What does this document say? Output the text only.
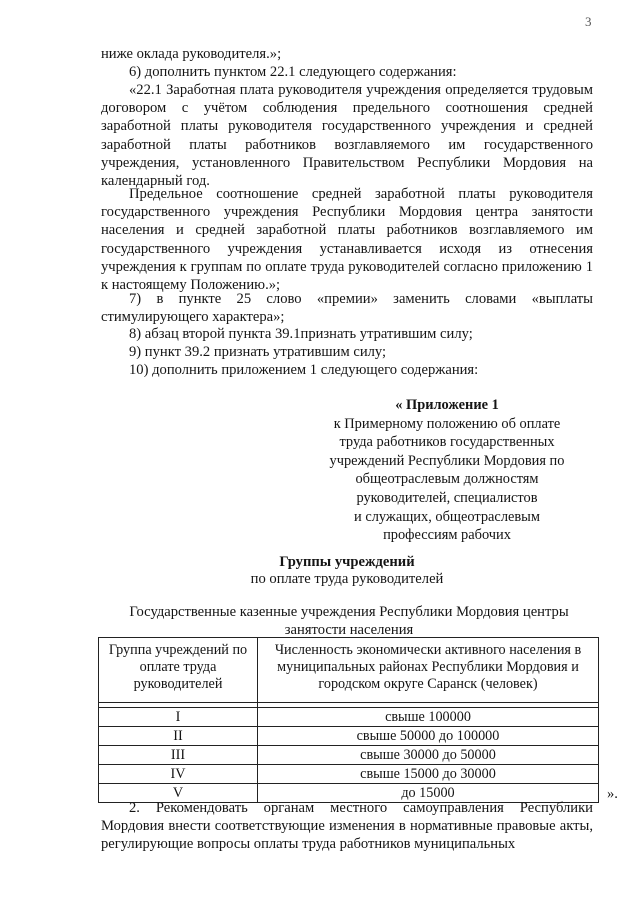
3

ниже оклада руководителя.»;

6) дополнить пунктом 22.1 следующего содержания:

«22.1 Заработная плата руководителя учреждения определяется трудовым договором с учётом соблюдения предельного соотношения средней заработной платы руководителя государственного учреждения и средней заработной платы работников возглавляемого им государственного учреждения, установленного Правительством Республики Мордовия на календарный год.

Предельное соотношение средней заработной платы руководителя государственного учреждения Республики Мордовия центра занятости населения и средней заработной платы работников возглавляемого им государственного учреждения устанавливается исходя из отнесения учреждения к группам по оплате труда руководителей согласно приложению 1 к настоящему Положению.»;

7) в пункте 25 слово «премии» заменить словами «выплаты стимулирующего характера»;

8) абзац второй пункта 39.1признать утратившим силу;

9) пункт 39.2 признать утратившим силу;

10) дополнить приложением 1 следующего содержания:

« Приложение 1
к Примерному положению об оплате
труда работников государственных
учреждений Республики Мордовия по
общеотраслевым должностям
руководителей, специалистов
и служащих, общеотраслевым
профессиям рабочих

Группы учреждений

по оплате труда руководителей

Государственные казенные учреждения Республики Мордовия центры занятости населения

Группа учреждений по оплате труда руководителей	Численность экономически активного населения в муниципальных районах Республики Мордовия и городском округе Саранск (человек)

I	свыше 100000
II	свыше 50000 до 100000
III	свыше 30000 до 50000
IV	свыше 15000 до 30000
V	до 15000	».

2. Рекомендовать органам местного самоуправления Республики Мордовия внести соответствующие изменения в нормативные правовые акты, регулирующие вопросы оплаты труда работников муниципальных
